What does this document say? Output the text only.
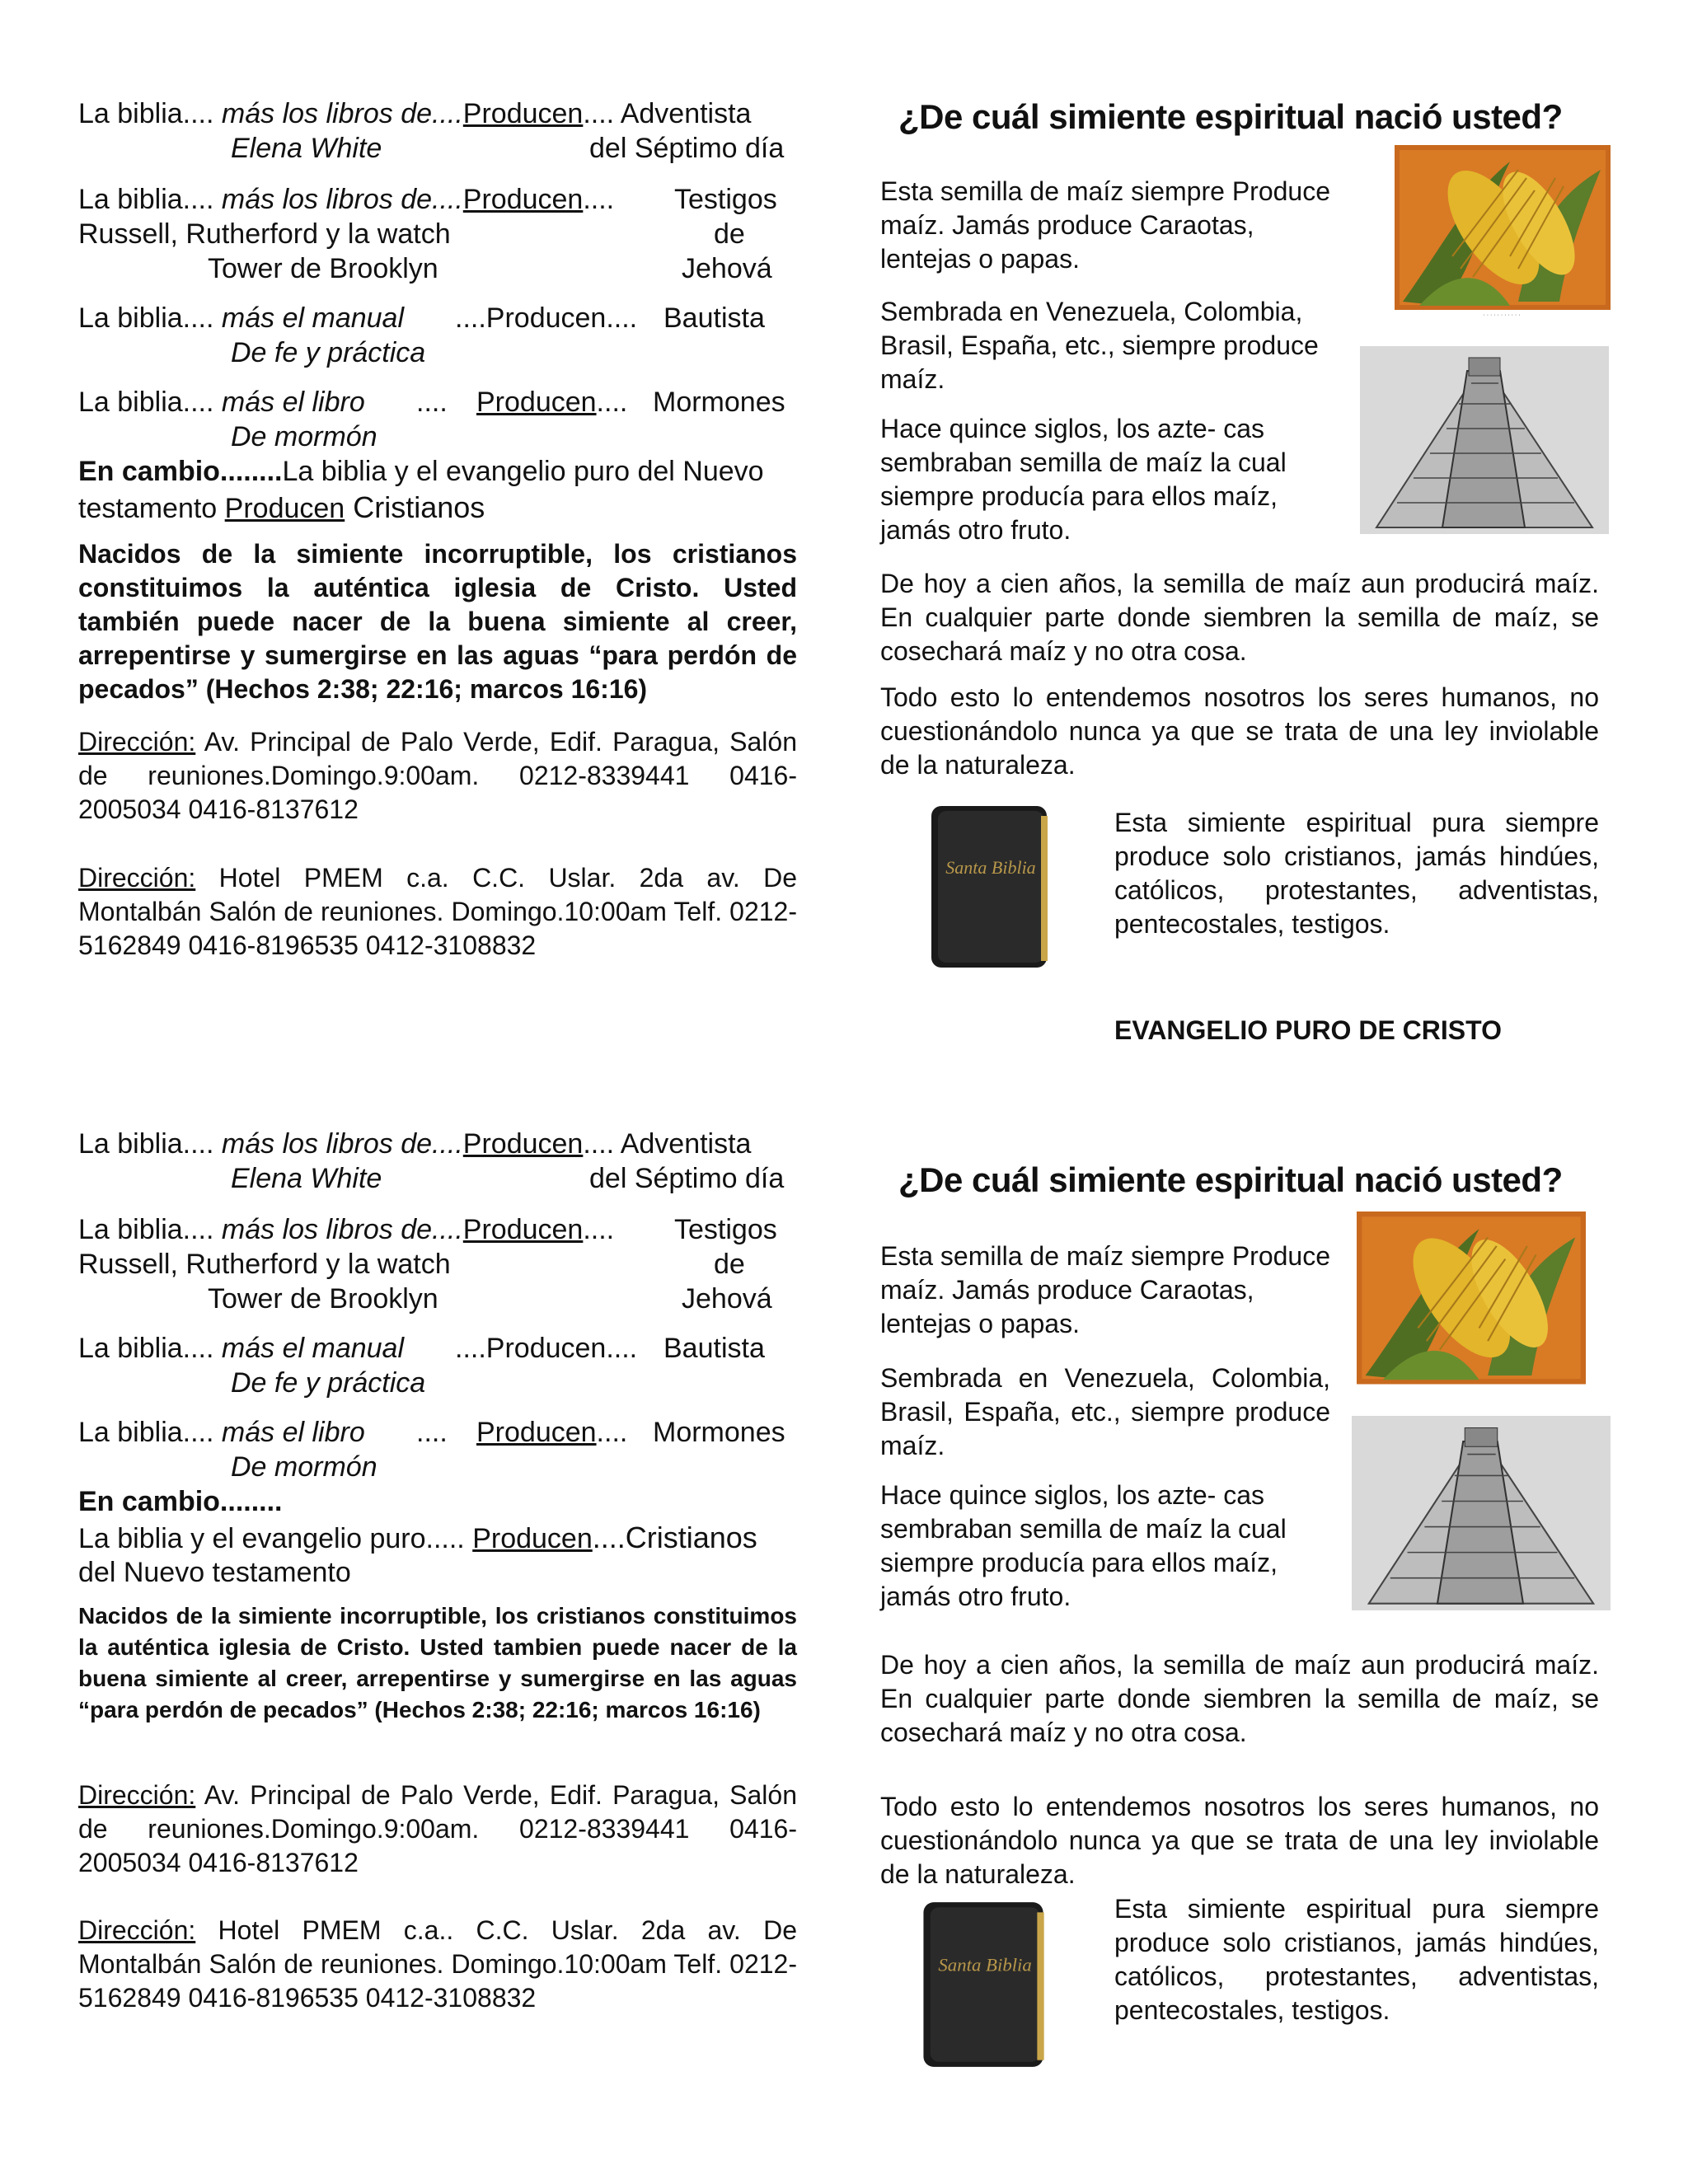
La biblia.... más los libros de....Producen.... Adventista
Elena White	del Séptimo día
La biblia.... más los libros de....Producen.... Testigos
Russell, Rutherford y la watch	de
Tower de Brooklyn	Jehová
La biblia.... más el manual ....Producen.... Bautista
De fe y práctica
La biblia.... más el libro .... Producen.... Mormones
De mormón
En cambio........La biblia y el evangelio puro del Nuevo
testamento Producen Cristianos
Nacidos de la simiente incorruptible, los cristianos constituimos la auténtica iglesia de Cristo. Usted también puede nacer de la buena simiente al creer, arrepentirse y sumergirse en las aguas “para perdón de pecados” (Hechos 2:38; 22:16; marcos 16:16)
Dirección: Av. Principal de Palo Verde, Edif. Paragua, Salón de reuniones.Domingo.9:00am. 0212-8339441 0416-2005034 0416-8137612
Dirección: Hotel PMEM c.a. C.C. Uslar. 2da av. De Montalbán Salón de reuniones. Domingo.10:00am Telf. 0212-5162849 0416-8196535 0412-3108832
¿De cuál simiente espiritual nació usted?
Esta semilla de maíz siempre Produce maíz. Jamás produce Caraotas, lentejas o papas.
Sembrada en Venezuela, Colombia, Brasil, España, etc., siempre produce maíz.
Hace quince siglos, los azte- cas sembraban semilla de maíz la cual siempre producía para ellos maíz, jamás otro fruto.
De hoy a cien años, la semilla de maíz aun producirá maíz. En cualquier parte donde siembren la semilla de maíz, se cosechará maíz y no otra cosa.
Todo esto lo entendemos nosotros los seres humanos, no cuestionándolo nunca ya que se trata de una ley inviolable de la naturaleza.
Esta simiente espiritual pura siempre produce solo cristianos, jamás hindúes, católicos, protestantes, adventistas, pentecostales, testigos.
EVANGELIO PURO DE CRISTO
· · · · · · · · · · ·
Santa Biblia
La biblia.... más los libros de....Producen.... Adventista
Elena White	del Séptimo día
La biblia.... más los libros de....Producen.... Testigos
Russell, Rutherford y la watch	de
Tower de Brooklyn	Jehová
La biblia.... más el manual ....Producen.... Bautista
De fe y práctica
La biblia.... más el libro .... Producen.... Mormones
De mormón
En cambio........
La biblia y el evangelio puro..... Producen....Cristianos
del Nuevo testamento
Nacidos de la simiente incorruptible, los cristianos constituimos la auténtica iglesia de Cristo. Usted tambien puede nacer de la buena simiente al creer, arrepentirse y sumergirse en las aguas “para perdón de pecados” (Hechos 2:38; 22:16; marcos 16:16)
Dirección: Av. Principal de Palo Verde, Edif. Paragua, Salón de reuniones.Domingo.9:00am. 0212-8339441 0416-2005034 0416-8137612
Dirección: Hotel PMEM c.a.. C.C. Uslar. 2da av. De Montalbán Salón de reuniones. Domingo.10:00am Telf. 0212-5162849 0416-8196535 0412-3108832
¿De cuál simiente espiritual nació usted?
Esta semilla de maíz siempre Produce maíz. Jamás produce Caraotas, lentejas o papas.
Sembrada en Venezuela, Colombia, Brasil, España, etc., siempre produce maíz.
Hace quince siglos, los azte- cas sembraban semilla de maíz la cual siempre producía para ellos maíz, jamás otro fruto.
De hoy a cien años, la semilla de maíz aun producirá maíz. En cualquier parte donde siembren la semilla de maíz, se cosechará maíz y no otra cosa.
Todo esto lo entendemos nosotros los seres humanos, no cuestionándolo nunca ya que se trata de una ley inviolable de la naturaleza.
Esta simiente espiritual pura siempre produce solo cristianos, jamás hindúes, católicos, protestantes, adventistas, pentecostales, testigos.
Santa Biblia
